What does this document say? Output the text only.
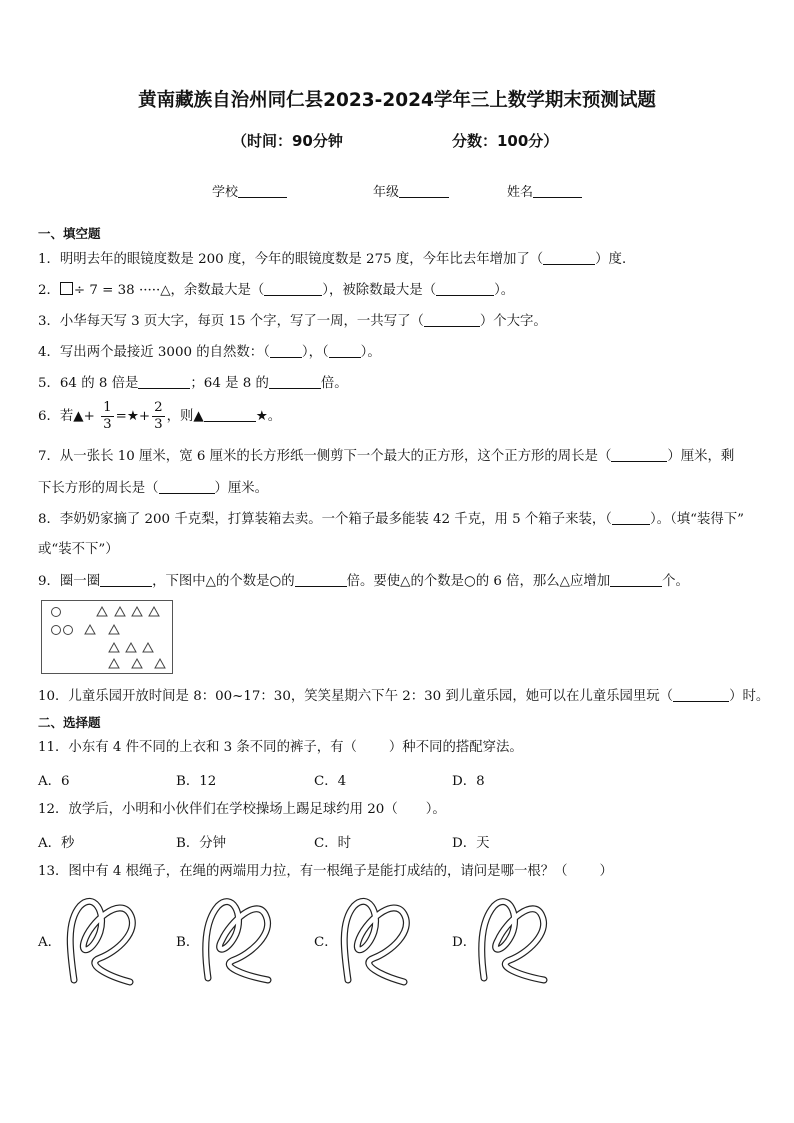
黄南藏族自治州同仁县2023-2024学年三上数学期末预测试题
（时间：90分钟	分数：100分）
学校	年级	姓名
一、填空题
1．明明去年的眼镜度数是 200 度，今年的眼镜度数是 275 度，今年比去年增加了（	）度．
2． ÷ 7 = 38 ·····△，余数最大是（	），被除数最大是（	）。
3．小华每天写 3 页大字，每页 15 个字，写了一周，一共写了（	）个大字。
4．写出两个最接近 3000 的自然数：（ ），（ ）。
5．64 的 8 倍是	；64 是 8 的	倍。
6．若▲+ $\frac{1}{3}$ =★+ $\frac{2}{3}$ ，则▲	★。
7．从一张长 10 厘米，宽 6 厘米的长方形纸一侧剪下一个最大的正方形，这个正方形的周长是（	）厘米，剩
下长方形的周长是（	）厘米。
8．李奶奶家摘了 200 千克梨，打算装箱去卖。一个箱子最多能装 42 千克，用 5 个箱子来装，（	）。（填“装得下”
或“装不下”）
9．圈一圈	，下图中△的个数是○的	倍。要使△的个数是○的 6 倍，那么△应增加	个。
10．儿童乐园开放时间是 8：00~17：30，笑笑星期六下午 2：30 到儿童乐园，她可以在儿童乐园里玩（	）时。
二、选择题
11．小东有 4 件不同的上衣和 3 条不同的裤子，有（ ）种不同的搭配穿法。
A．6	B．12	C．4	D．8
12．放学后，小明和小伙伴们在学校操场上踢足球约用 20（ ）。
A．秒	B．分钟	C．时	D．天
13．图中有 4 根绳子，在绳的两端用力拉，有一根绳子是能打成结的，请问是哪一根？（ ）
A．	B．	C．	D．
